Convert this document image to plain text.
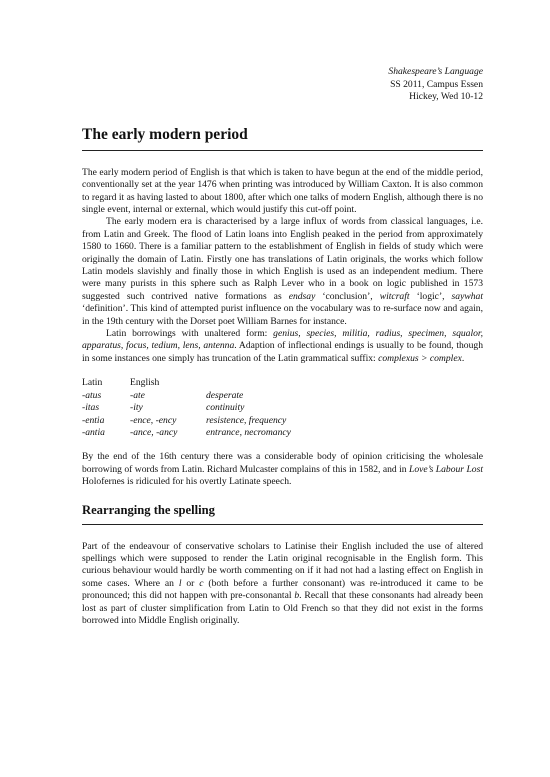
Shakespeare’s Language
SS 2011, Campus Essen
Hickey, Wed 10-12
The early modern period

The early modern period of English is that which is taken to have begun at the end of the middle period, conventionally set at the year 1476 when printing was introduced by William Caxton. It is also common to regard it as having lasted to about 1800, after which one talks of modern English, although there is no single event, internal or external, which would justify this cut-off point.

The early modern era is characterised by a large influx of words from classical languages, i.e. from Latin and Greek. The flood of Latin loans into English peaked in the period from approximately 1580 to 1660. There is a familiar pattern to the establishment of English in fields of study which were originally the domain of Latin. Firstly one has translations of Latin originals, the works which follow Latin models slavishly and finally those in which English is used as an independent medium. There were many purists in this sphere such as Ralph Lever who in a book on logic published in 1573 suggested such contrived native formations as endsay ‘conclusion’, witcraft ‘logic’, saywhat ‘definition’. This kind of attempted purist influence on the vocabulary was to re-surface now and again, in the 19th century with the Dorset poet William Barnes for instance.

Latin borrowings with unaltered form: genius, species, militia, radius, specimen, squalor, apparatus, focus, tedium, lens, antenna. Adaption of inflectional endings is usually to be found, though in some instances one simply has truncation of the Latin grammatical suffix: complexus > complex.

Latin	English	
-atus	-ate	desperate
-itas	-ity	continuity
-entia	-ence, -ency	resistence, frequency
-antia	-ance, -ancy	entrance, necromancy

By the end of the 16th century there was a considerable body of opinion criticising the wholesale borrowing of words from Latin. Richard Mulcaster complains of this in 1582, and in Love’s Labour Lost Holofernes is ridiculed for his overtly Latinate speech.

Rearranging the spelling

Part of the endeavour of conservative scholars to Latinise their English included the use of altered spellings which were supposed to render the Latin original recognisable in the English form. This curious behaviour would hardly be worth commenting on if it had not had a lasting effect on English in some cases. Where an l or c (both before a further consonant) was re-introduced it came to be pronounced; this did not happen with pre-consonantal b. Recall that these consonants had already been lost as part of cluster simplification from Latin to Old French so that they did not exist in the forms borrowed into Middle English originally.
